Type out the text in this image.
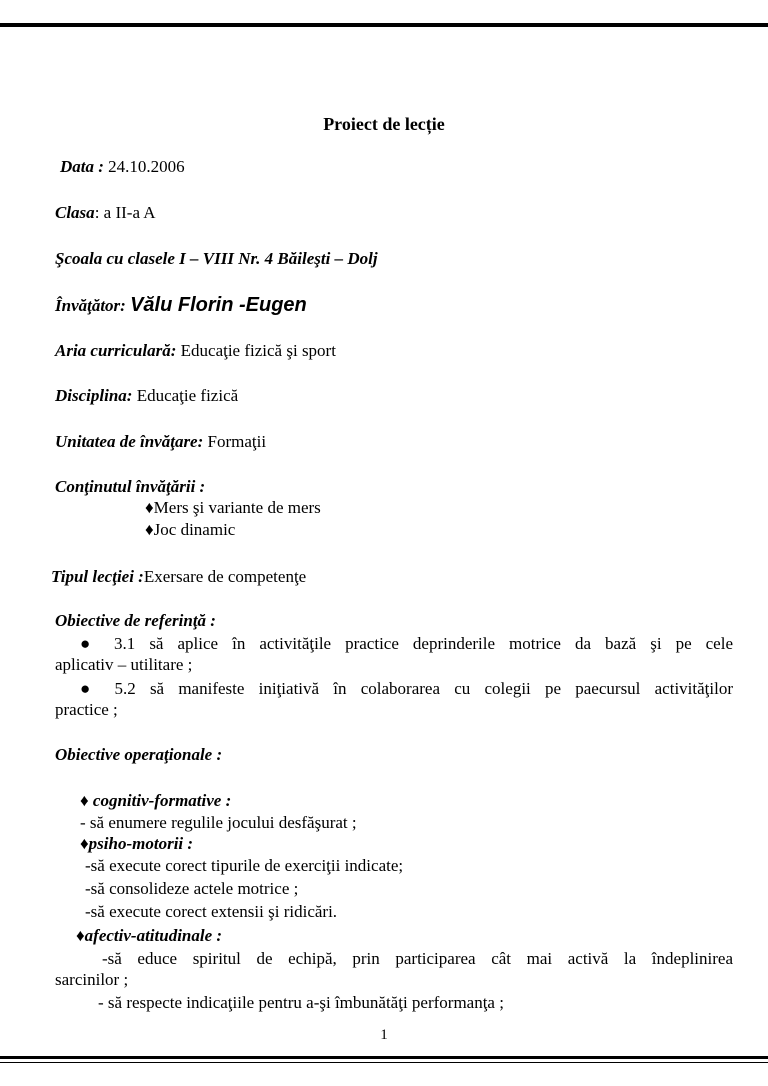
Proiect de lecție
Data : 24.10.2006
Clasa: a II-a A
Şcoala cu clasele I – VIII Nr. 4 Băileşti – Dolj
Învăţător: Vălu Florin -Eugen
Aria curriculară: Educaţie fizică şi sport
Disciplina: Educaţie fizică
Unitatea de învăţare: Formaţii
Conţinutul învăţării :
♦Mers şi variante de mers
♦Joc dinamic
Tipul lecţiei :Exersare de competenţe
Obiective de referinţă :
● 3.1 să aplice în activităţile practice deprinderile motrice da bază şi pe cele
aplicativ – utilitare ;
● 5.2 să manifeste iniţiativă în colaborarea cu colegii pe paecursul activităţilor
practice ;
Obiective operaţionale :
♦ cognitiv-formative :
- să enumere regulile jocului desfăşurat ;
♦psiho-motorii :
-să execute corect tipurile de exerciţii indicate;
-să consolideze actele motrice ;
-să execute corect extensii şi ridicări.
♦afectiv-atitudinale :
-să educe spiritul de echipă, prin participarea cât mai activă la îndeplinirea
sarcinilor ;
- să respecte indicaţiile pentru a-şi îmbunătăţi performanţa ;
1
